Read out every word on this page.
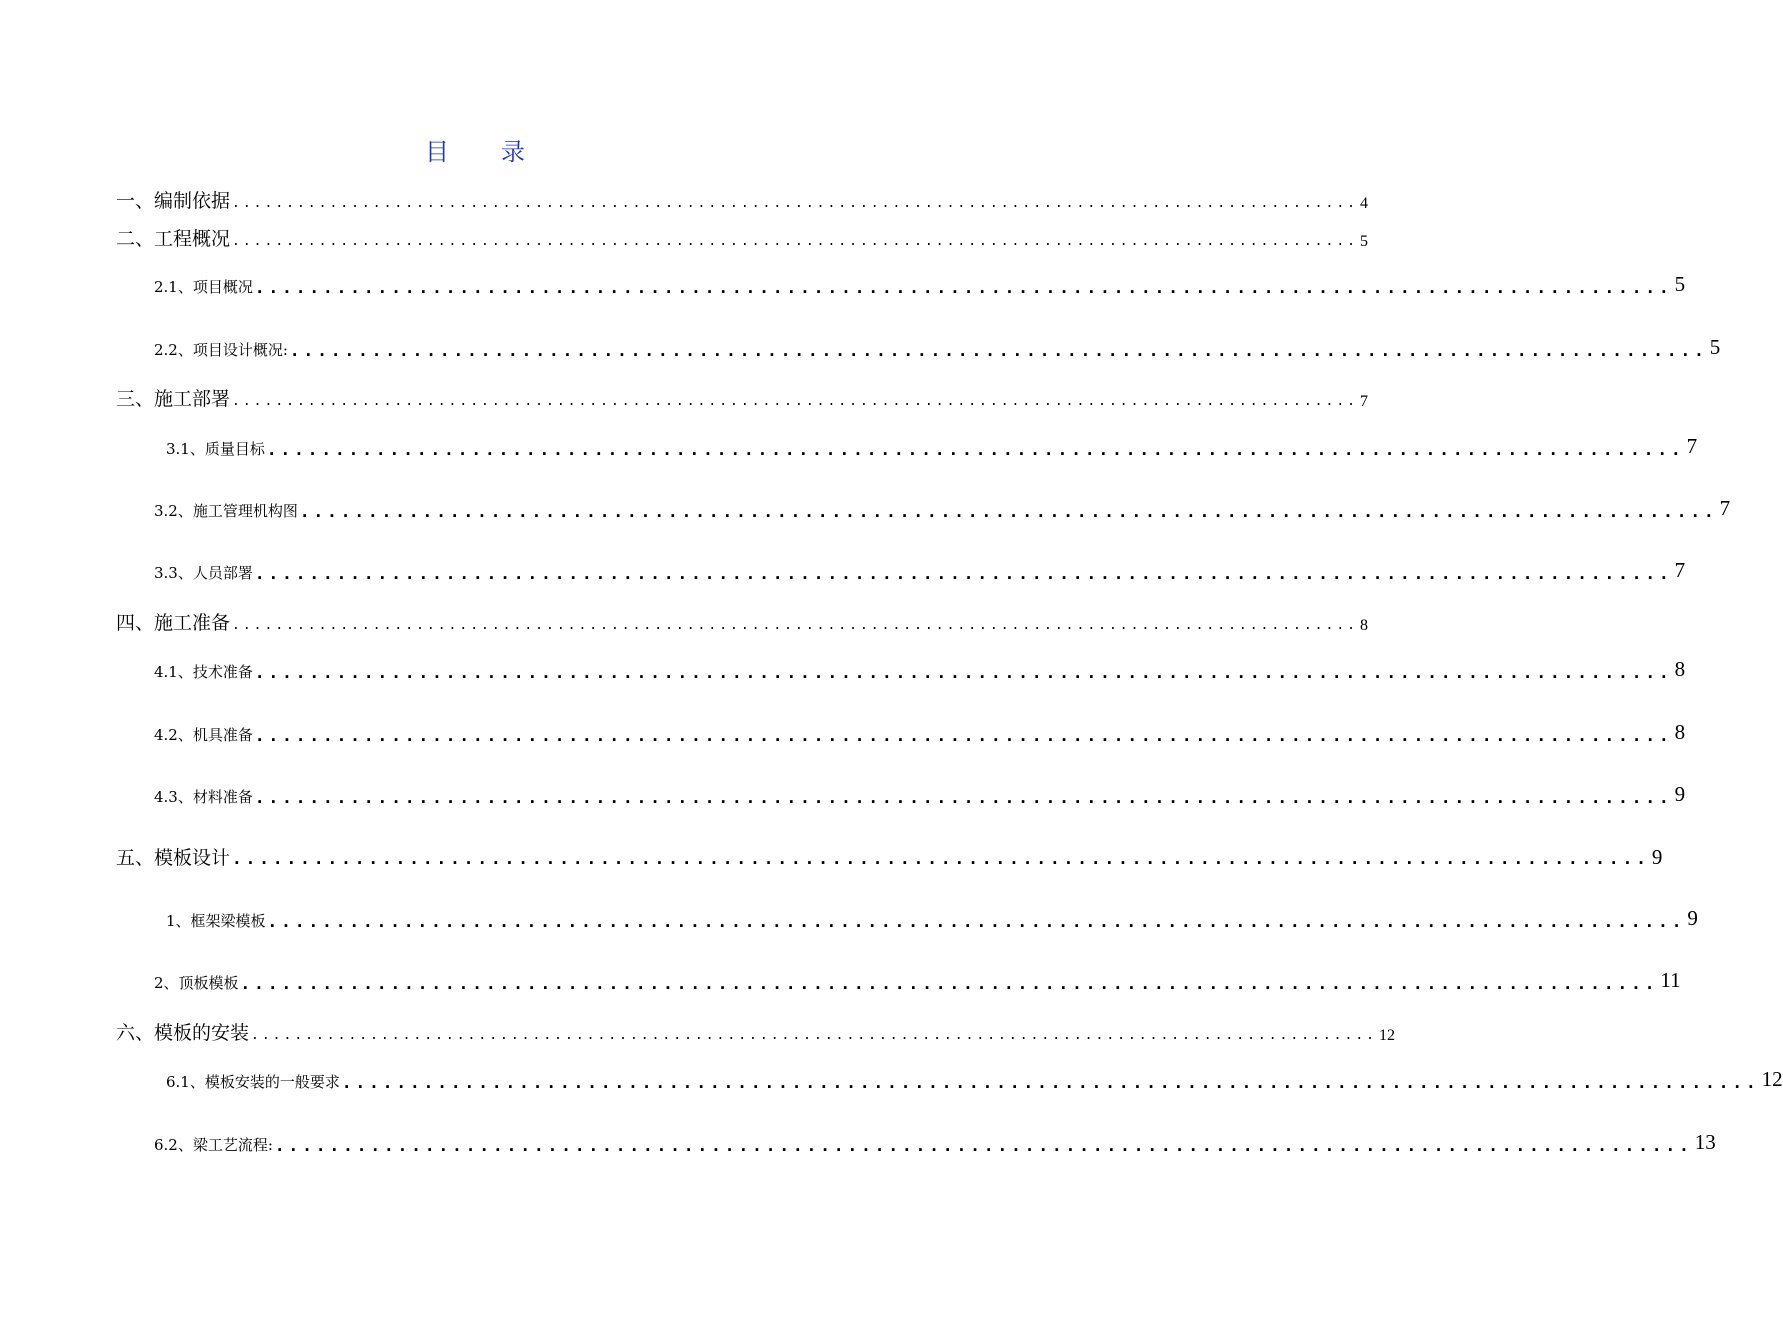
目 录
一、编制依据 ........................................................................................................ 4
二、工程概况 ........................................................................................................ 5
2.1、项目概况 ........................................................................................................ 5
2.2、项目设计概况: ........................................................................................................ 5
三、施工部署 ........................................................................................................ 7
3.1、质量目标 ........................................................................................................ 7
3.2、施工管理机构图 ........................................................................................................ 7
3.3、人员部署 ........................................................................................................ 7
四、施工准备 ........................................................................................................ 8
4.1、技术准备 ........................................................................................................ 8
4.2、机具准备 ........................................................................................................ 8
4.3、材料准备 ........................................................................................................ 9
五、模板设计 ........................................................................................................ 9
1、框架梁模板 ........................................................................................................ 9
2、顶板模板 ........................................................................................................ 11
六、模板的安装 ........................................................................................................ 12
6.1、模板安装的一般要求 ........................................................................................................ 12
6.2、梁工艺流程: ........................................................................................................ 13
